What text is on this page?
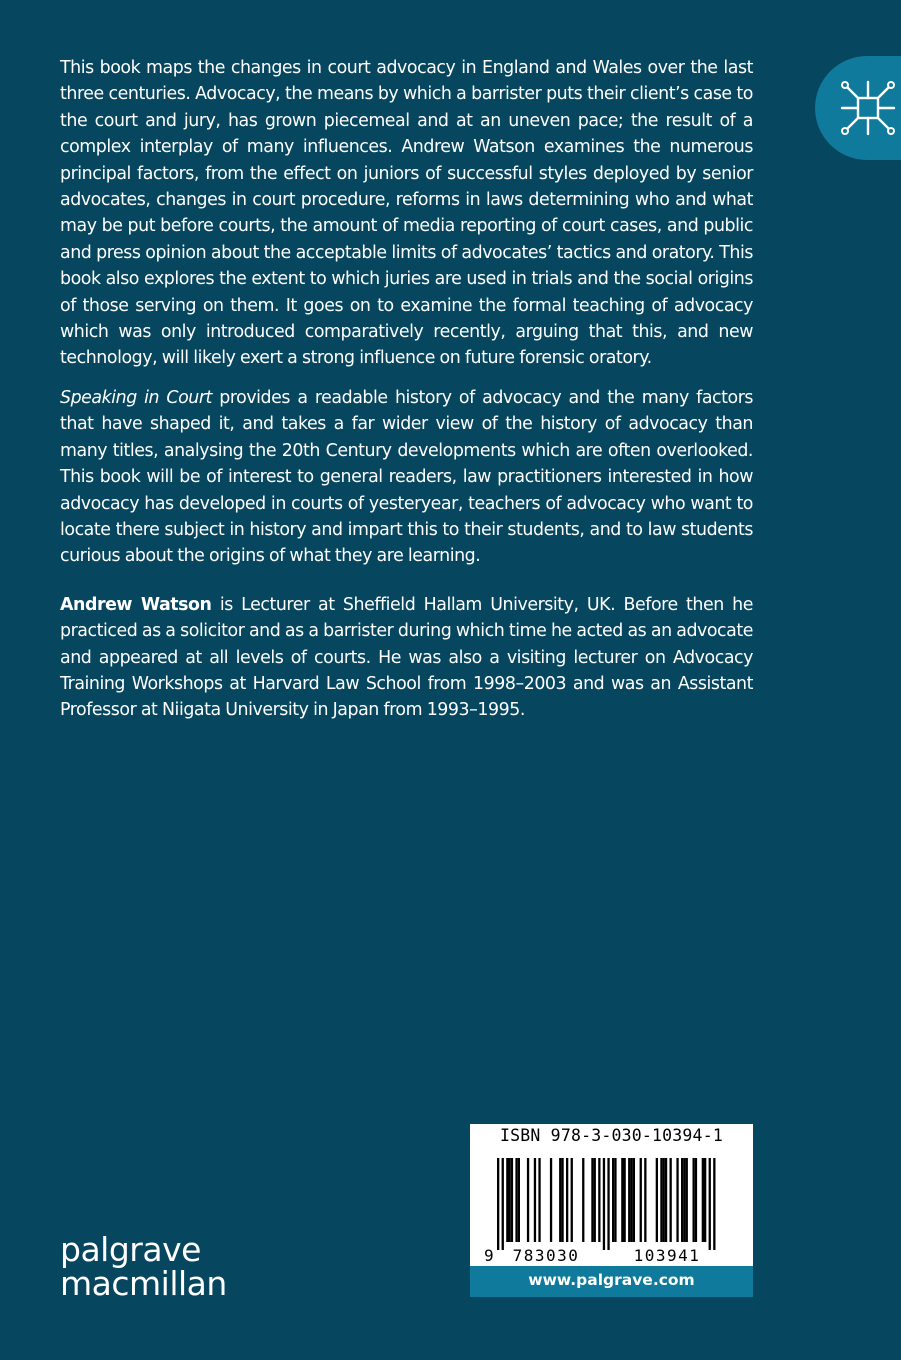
This book maps the changes in court advocacy in England and Wales over the last three centuries. Advocacy, the means by which a barrister puts their client’s case to the court and jury, has grown piecemeal and at an uneven pace; the result of a complex interplay of many influences. Andrew Watson examines the numerous principal factors, from the effect on juniors of successful styles deployed by senior advocates, changes in court procedure, reforms in laws determining who and what may be put before courts, the amount of media reporting of court cases, and public and press opinion about the acceptable limits of advocates’ tactics and oratory. This book also explores the extent to which juries are used in trials and the social origins of those serving on them. It goes on to examine the formal teaching of advocacy which was only introduced comparatively recently, arguing that this, and new technology, will likely exert a strong influence on future forensic oratory.

Speaking in Court provides a readable history of advocacy and the many factors that have shaped it, and takes a far wider view of the history of advocacy than many titles, analysing the 20th Century developments which are often overlooked. This book will be of interest to general readers, law practitioners interested in how advocacy has developed in courts of yesteryear, teachers of advocacy who want to locate there subject in history and impart this to their students, and to law students curious about the origins of what they are learning.

Andrew Watson is Lecturer at Sheffield Hallam University, UK. Before then he practiced as a solicitor and as a barrister during which time he acted as an advocate and appeared at all levels of courts. He was also a visiting lecturer on Advocacy Training Workshops at Harvard Law School from 1998–2003 and was an Assistant Professor at Niigata University in Japan from 1993–1995.

palgrave
macmillan
ISBN 978-3-030-10394-1
9 783030	103941
www.palgrave.com
